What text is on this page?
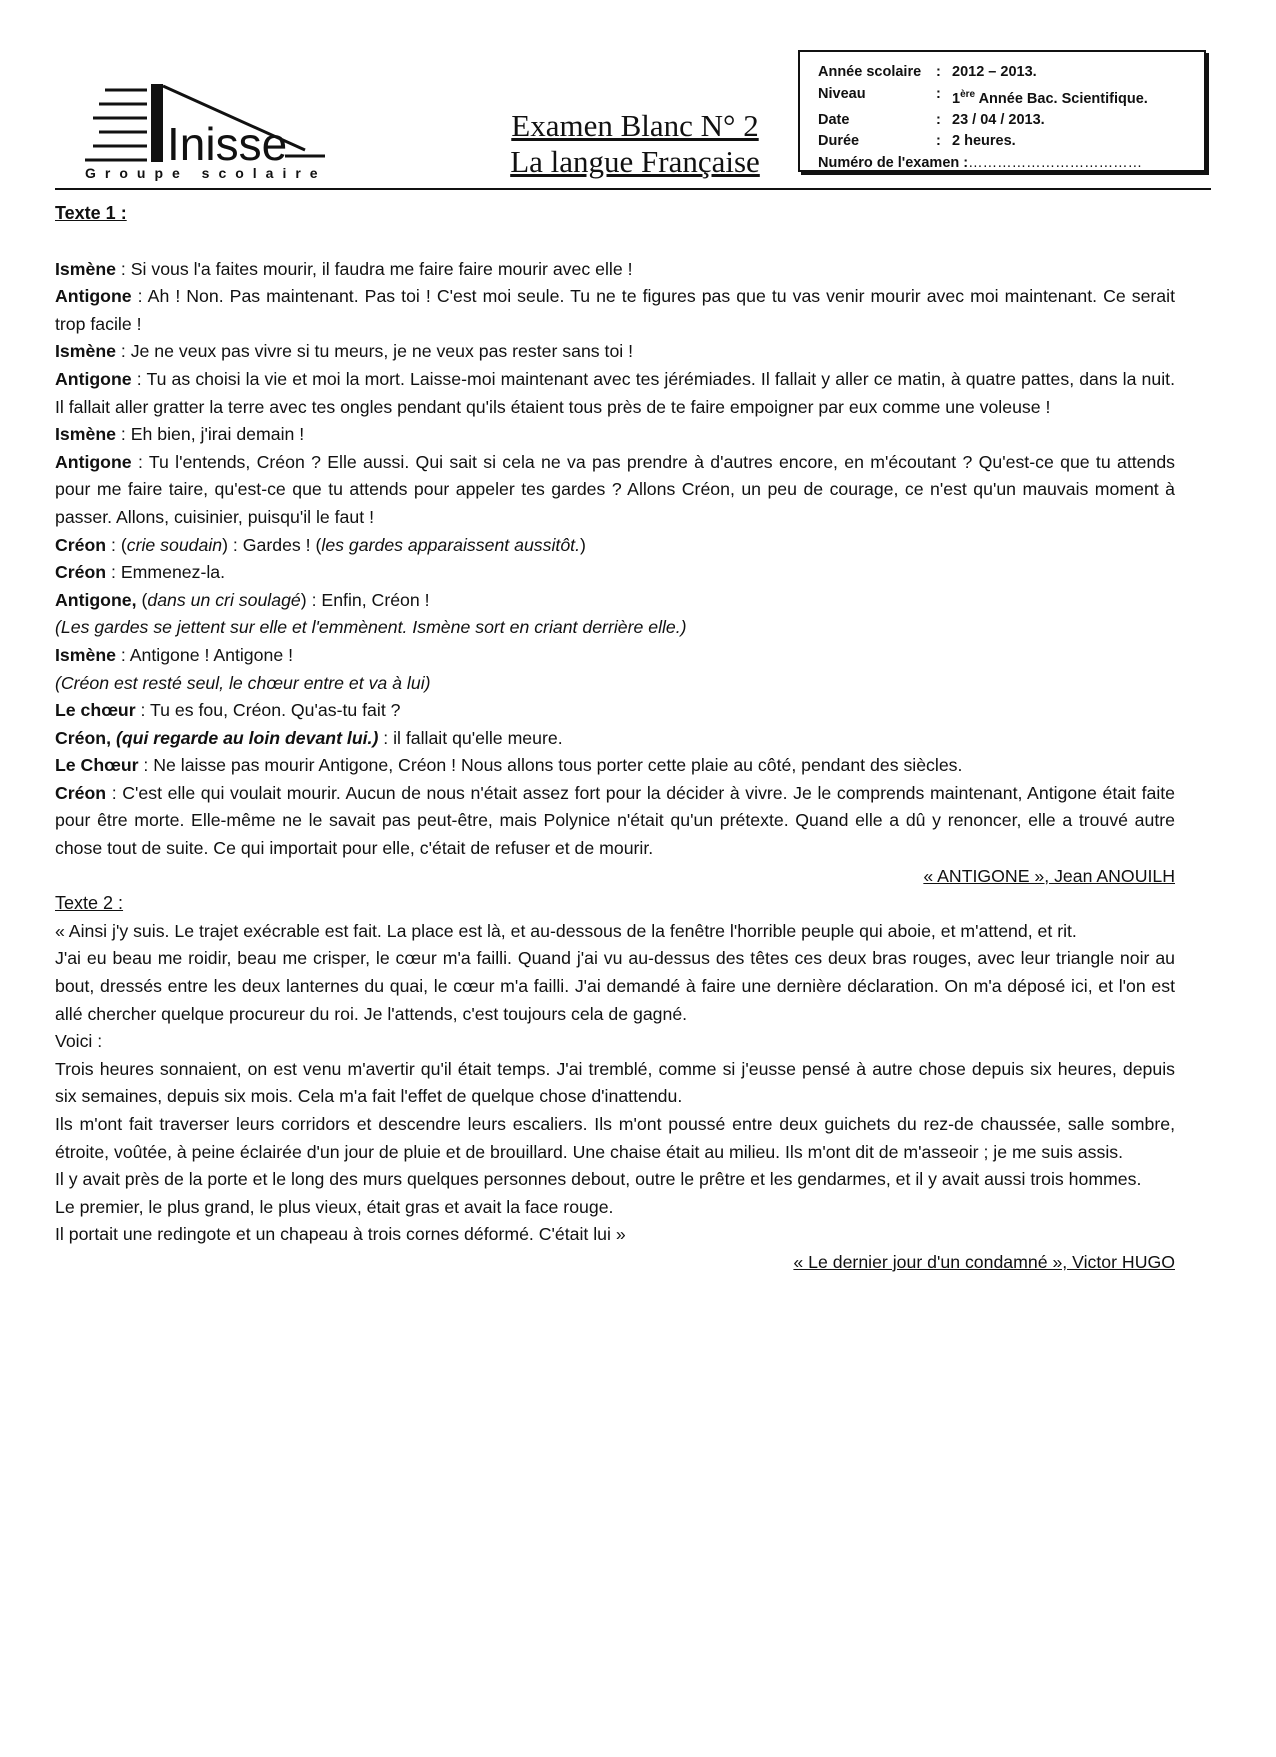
Inisse
Groupe scolaire
Examen Blanc N° 2
La langue Française
Année scolaire	: 2012 – 2013.
Niveau	: 1ère Année Bac. Scientifique.
Date	: 23 / 04 / 2013.
Durée	: 2 heures.
Numéro de l'examen : ………………………………
Texte 1 :

Ismène : Si vous l'a faites mourir, il faudra me faire faire mourir avec elle !

Antigone : Ah ! Non. Pas maintenant. Pas toi ! C'est moi seule. Tu ne te figures pas que tu vas venir mourir avec moi maintenant. Ce serait trop facile !

Ismène : Je ne veux pas vivre si tu meurs, je ne veux pas rester sans toi !

Antigone : Tu as choisi la vie et moi la mort. Laisse-moi maintenant avec tes jérémiades. Il fallait y aller ce matin, à quatre pattes, dans la nuit. Il fallait aller gratter la terre avec tes ongles pendant qu'ils étaient tous près de te faire empoigner par eux comme une voleuse !

Ismène : Eh bien, j'irai demain !

Antigone : Tu l'entends, Créon ? Elle aussi. Qui sait si cela ne va pas prendre à d'autres encore, en m'écoutant ? Qu'est-ce que tu attends pour me faire taire, qu'est-ce que tu attends pour appeler tes gardes ? Allons Créon, un peu de courage, ce n'est qu'un mauvais moment à passer. Allons, cuisinier, puisqu'il le faut !

Créon : (crie soudain) : Gardes ! (les gardes apparaissent aussitôt.)

Créon : Emmenez-la.

Antigone, (dans un cri soulagé) : Enfin, Créon !

(Les gardes se jettent sur elle et l'emmènent. Ismène sort en criant derrière elle.)

Ismène : Antigone ! Antigone !

(Créon est resté seul, le chœur entre et va à lui)

Le chœur : Tu es fou, Créon. Qu'as-tu fait ?

Créon, (qui regarde au loin devant lui.) : il fallait qu'elle meure.

Le Chœur : Ne laisse pas mourir Antigone, Créon ! Nous allons tous porter cette plaie au côté, pendant des siècles.

Créon : C'est elle qui voulait mourir. Aucun de nous n'était assez fort pour la décider à vivre. Je le comprends maintenant, Antigone était faite pour être morte. Elle-même ne le savait pas peut-être, mais Polynice n'était qu'un prétexte. Quand elle a dû y renoncer, elle a trouvé autre chose tout de suite. Ce qui importait pour elle, c'était de refuser et de mourir.

« ANTIGONE », Jean ANOUILH

Texte 2 :

« Ainsi j'y suis. Le trajet exécrable est fait. La place est là, et au-dessous de la fenêtre l'horrible peuple qui aboie, et m'attend, et rit.

J'ai eu beau me roidir, beau me crisper, le cœur m'a failli. Quand j'ai vu au-dessus des têtes ces deux bras rouges, avec leur triangle noir au bout, dressés entre les deux lanternes du quai, le cœur m'a failli. J'ai demandé à faire une dernière déclaration. On m'a déposé ici, et l'on est allé chercher quelque procureur du roi. Je l'attends, c'est toujours cela de gagné.

Voici :

Trois heures sonnaient, on est venu m'avertir qu'il était temps. J'ai tremblé, comme si j'eusse pensé à autre chose depuis six heures, depuis six semaines, depuis six mois. Cela m'a fait l'effet de quelque chose d'inattendu.

Ils m'ont fait traverser leurs corridors et descendre leurs escaliers. Ils m'ont poussé entre deux guichets du rez-de chaussée, salle sombre, étroite, voûtée, à peine éclairée d'un jour de pluie et de brouillard. Une chaise était au milieu. Ils m'ont dit de m'asseoir ; je me suis assis.

Il y avait près de la porte et le long des murs quelques personnes debout, outre le prêtre et les gendarmes, et il y avait aussi trois hommes.

Le premier, le plus grand, le plus vieux, était gras et avait la face rouge.

Il portait une redingote et un chapeau à trois cornes déformé. C'était lui »

« Le dernier jour d'un condamné », Victor HUGO
